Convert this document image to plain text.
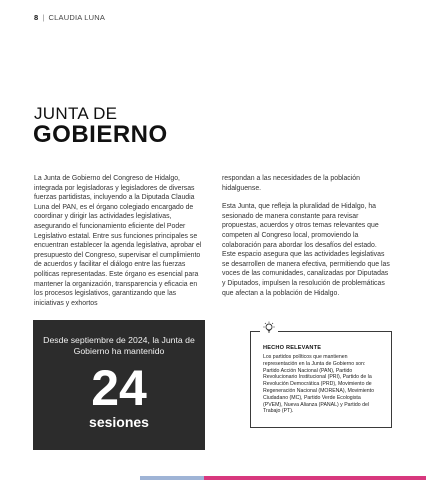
8 | CLAUDIA LUNA
JUNTA DE
GOBIERNO

La Junta de Gobierno del Congreso de Hidalgo, integrada por legisladoras y legisladores de diversas fuerzas partidistas, incluyendo a la Diputada Claudia Luna del PAN, es el órgano colegiado encargado de coordinar y dirigir las actividades legislativas, asegurando el funcionamiento eficiente del Poder Legislativo estatal. Entre sus funciones principales se encuentran establecer la agenda legislativa, aprobar el presupuesto del Congreso, supervisar el cumplimiento de acuerdos y facilitar el diálogo entre las fuerzas políticas representadas. Este órgano es esencial para mantener la organización, transparencia y eficacia en los procesos legislativos, garantizando que las iniciativas y exhortos

respondan a las necesidades de la población hidalguense.

Esta Junta, que refleja la pluralidad de Hidalgo, ha sesionado de manera constante para revisar propuestas, acuerdos y otros temas relevantes que competen al Congreso local, promoviendo la colaboración para abordar los desafíos del estado. Este espacio asegura que las actividades legislativas se desarrollen de manera efectiva, permitiendo que las voces de las comunidades, canalizadas por Diputadas y Diputados, impulsen la resolución de problemáticas que afectan a la población de Hidalgo.

Desde septiembre de 2024, la Junta de Gobierno ha mantenido
24
sesiones
HECHO RELEVANTE

Los partidos políticos que mantienen representación en la Junta de Gobierno son: Partido Acción Nacional (PAN), Partido Revolucionario Institucional (PRI), Partido de la Revolución Democrática (PRD), Movimiento de Regeneración Nacional (MORENA), Movimiento Ciudadano (MC), Partido Verde Ecologista (PVEM), Nueva Alianza (PANAL) y Partido del Trabajo (PT).
